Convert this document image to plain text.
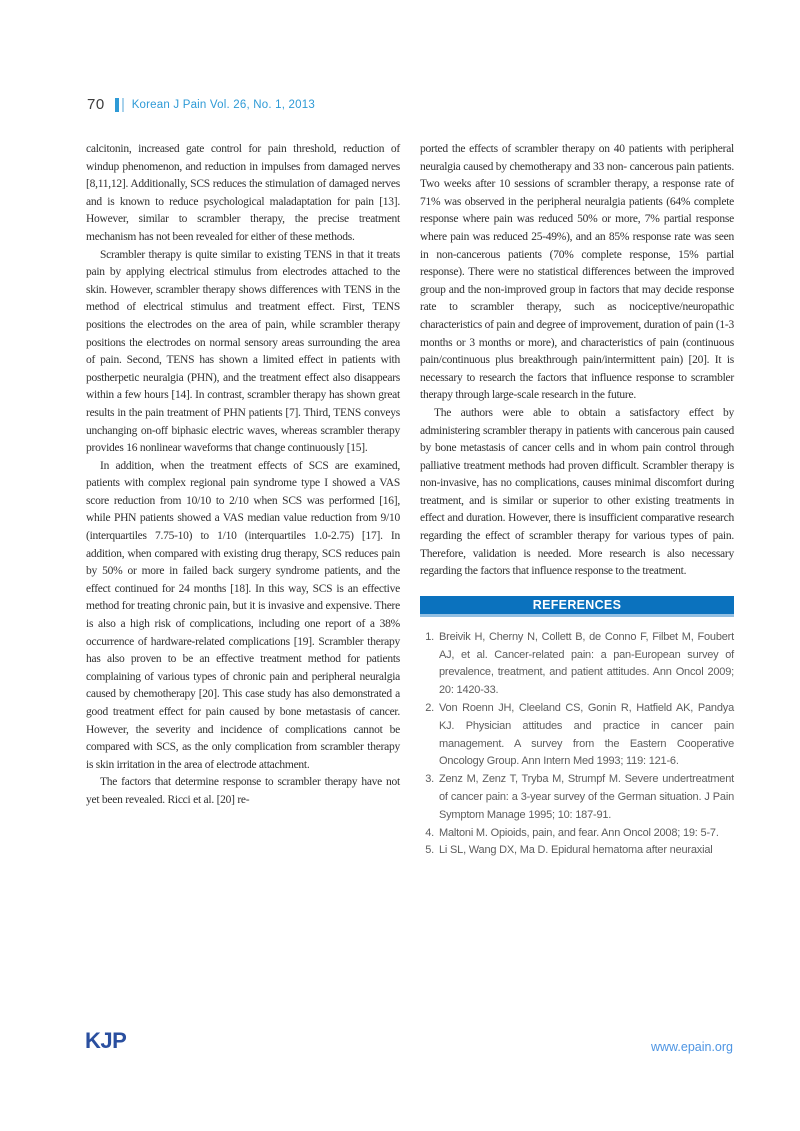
70 Korean J Pain Vol. 26, No. 1, 2013

calcitonin, increased gate control for pain threshold, reduction of windup phenomenon, and reduction in impulses from damaged nerves [8,11,12]. Additionally, SCS reduces the stimulation of damaged nerves and is known to reduce psychological maladaptation for pain [13]. However, similar to scrambler therapy, the precise treatment mechanism has not been revealed for either of these methods.

Scrambler therapy is quite similar to existing TENS in that it treats pain by applying electrical stimulus from electrodes attached to the skin. However, scrambler therapy shows differences with TENS in the method of electrical stimulus and treatment effect. First, TENS positions the electrodes on the area of pain, while scrambler therapy positions the electrodes on normal sensory areas surrounding the area of pain. Second, TENS has shown a limited effect in patients with postherpetic neuralgia (PHN), and the treatment effect also disappears within a few hours [14]. In contrast, scrambler therapy has shown great results in the pain treatment of PHN patients [7]. Third, TENS conveys unchanging on-off biphasic electric waves, whereas scrambler therapy provides 16 nonlinear waveforms that change continuously [15].

In addition, when the treatment effects of SCS are examined, patients with complex regional pain syndrome type I showed a VAS score reduction from 10/10 to 2/10 when SCS was performed [16], while PHN patients showed a VAS median value reduction from 9/10 (interquartiles 7.75-10) to 1/10 (interquartiles 1.0-2.75) [17]. In addition, when compared with existing drug therapy, SCS reduces pain by 50% or more in failed back surgery syndrome patients, and the effect continued for 24 months [18]. In this way, SCS is an effective method for treating chronic pain, but it is invasive and expensive. There is also a high risk of complications, including one report of a 38% occurrence of hardware-related complications [19]. Scrambler therapy has also proven to be an effective treatment method for patients complaining of various types of chronic pain and peripheral neuralgia caused by chemotherapy [20]. This case study has also demonstrated a good treatment effect for pain caused by bone metastasis of cancer. However, the severity and incidence of complications cannot be compared with SCS, as the only complication from scrambler therapy is skin irritation in the area of electrode attachment.

The factors that determine response to scrambler therapy have not yet been revealed. Ricci et al. [20] re-

ported the effects of scrambler therapy on 40 patients with peripheral neuralgia caused by chemotherapy and 33 non- cancerous pain patients. Two weeks after 10 sessions of scrambler therapy, a response rate of 71% was observed in the peripheral neuralgia patients (64% complete response where pain was reduced 50% or more, 7% partial response where pain was reduced 25-49%), and an 85% response rate was seen in non-cancerous patients (70% complete response, 15% partial response). There were no statistical differences between the improved group and the non-improved group in factors that may decide response rate to scrambler therapy, such as nociceptive/neuropathic characteristics of pain and degree of improvement, duration of pain (1-3 months or 3 months or more), and characteristics of pain (continuous pain/continuous plus breakthrough pain/intermittent pain) [20]. It is necessary to research the factors that influence response to scrambler therapy through large-scale research in the future.

The authors were able to obtain a satisfactory effect by administering scrambler therapy in patients with cancerous pain caused by bone metastasis of cancer cells and in whom pain control through palliative treatment methods had proven difficult. Scrambler therapy is non-invasive, has no complications, causes minimal discomfort during treatment, and is similar or superior to other existing treatments in effect and duration. However, there is insufficient comparative research regarding the effect of scrambler therapy for various types of pain. Therefore, validation is needed. More research is also necessary regarding the factors that influence response to the treatment.

REFERENCES
1. Breivik H, Cherny N, Collett B, de Conno F, Filbet M, Foubert AJ, et al. Cancer-related pain: a pan-European survey of prevalence, treatment, and patient attitudes. Ann Oncol 2009; 20: 1420-33.
2. Von Roenn JH, Cleeland CS, Gonin R, Hatfield AK, Pandya KJ. Physician attitudes and practice in cancer pain management. A survey from the Eastern Cooperative Oncology Group. Ann Intern Med 1993; 119: 121-6.
3. Zenz M, Zenz T, Tryba M, Strumpf M. Severe undertreatment of cancer pain: a 3-year survey of the German situation. J Pain Symptom Manage 1995; 10: 187-91.
4. Maltoni M. Opioids, pain, and fear. Ann Oncol 2008; 19: 5-7.
5. Li SL, Wang DX, Ma D. Epidural hematoma after neuraxial
KJP	www.epain.org
